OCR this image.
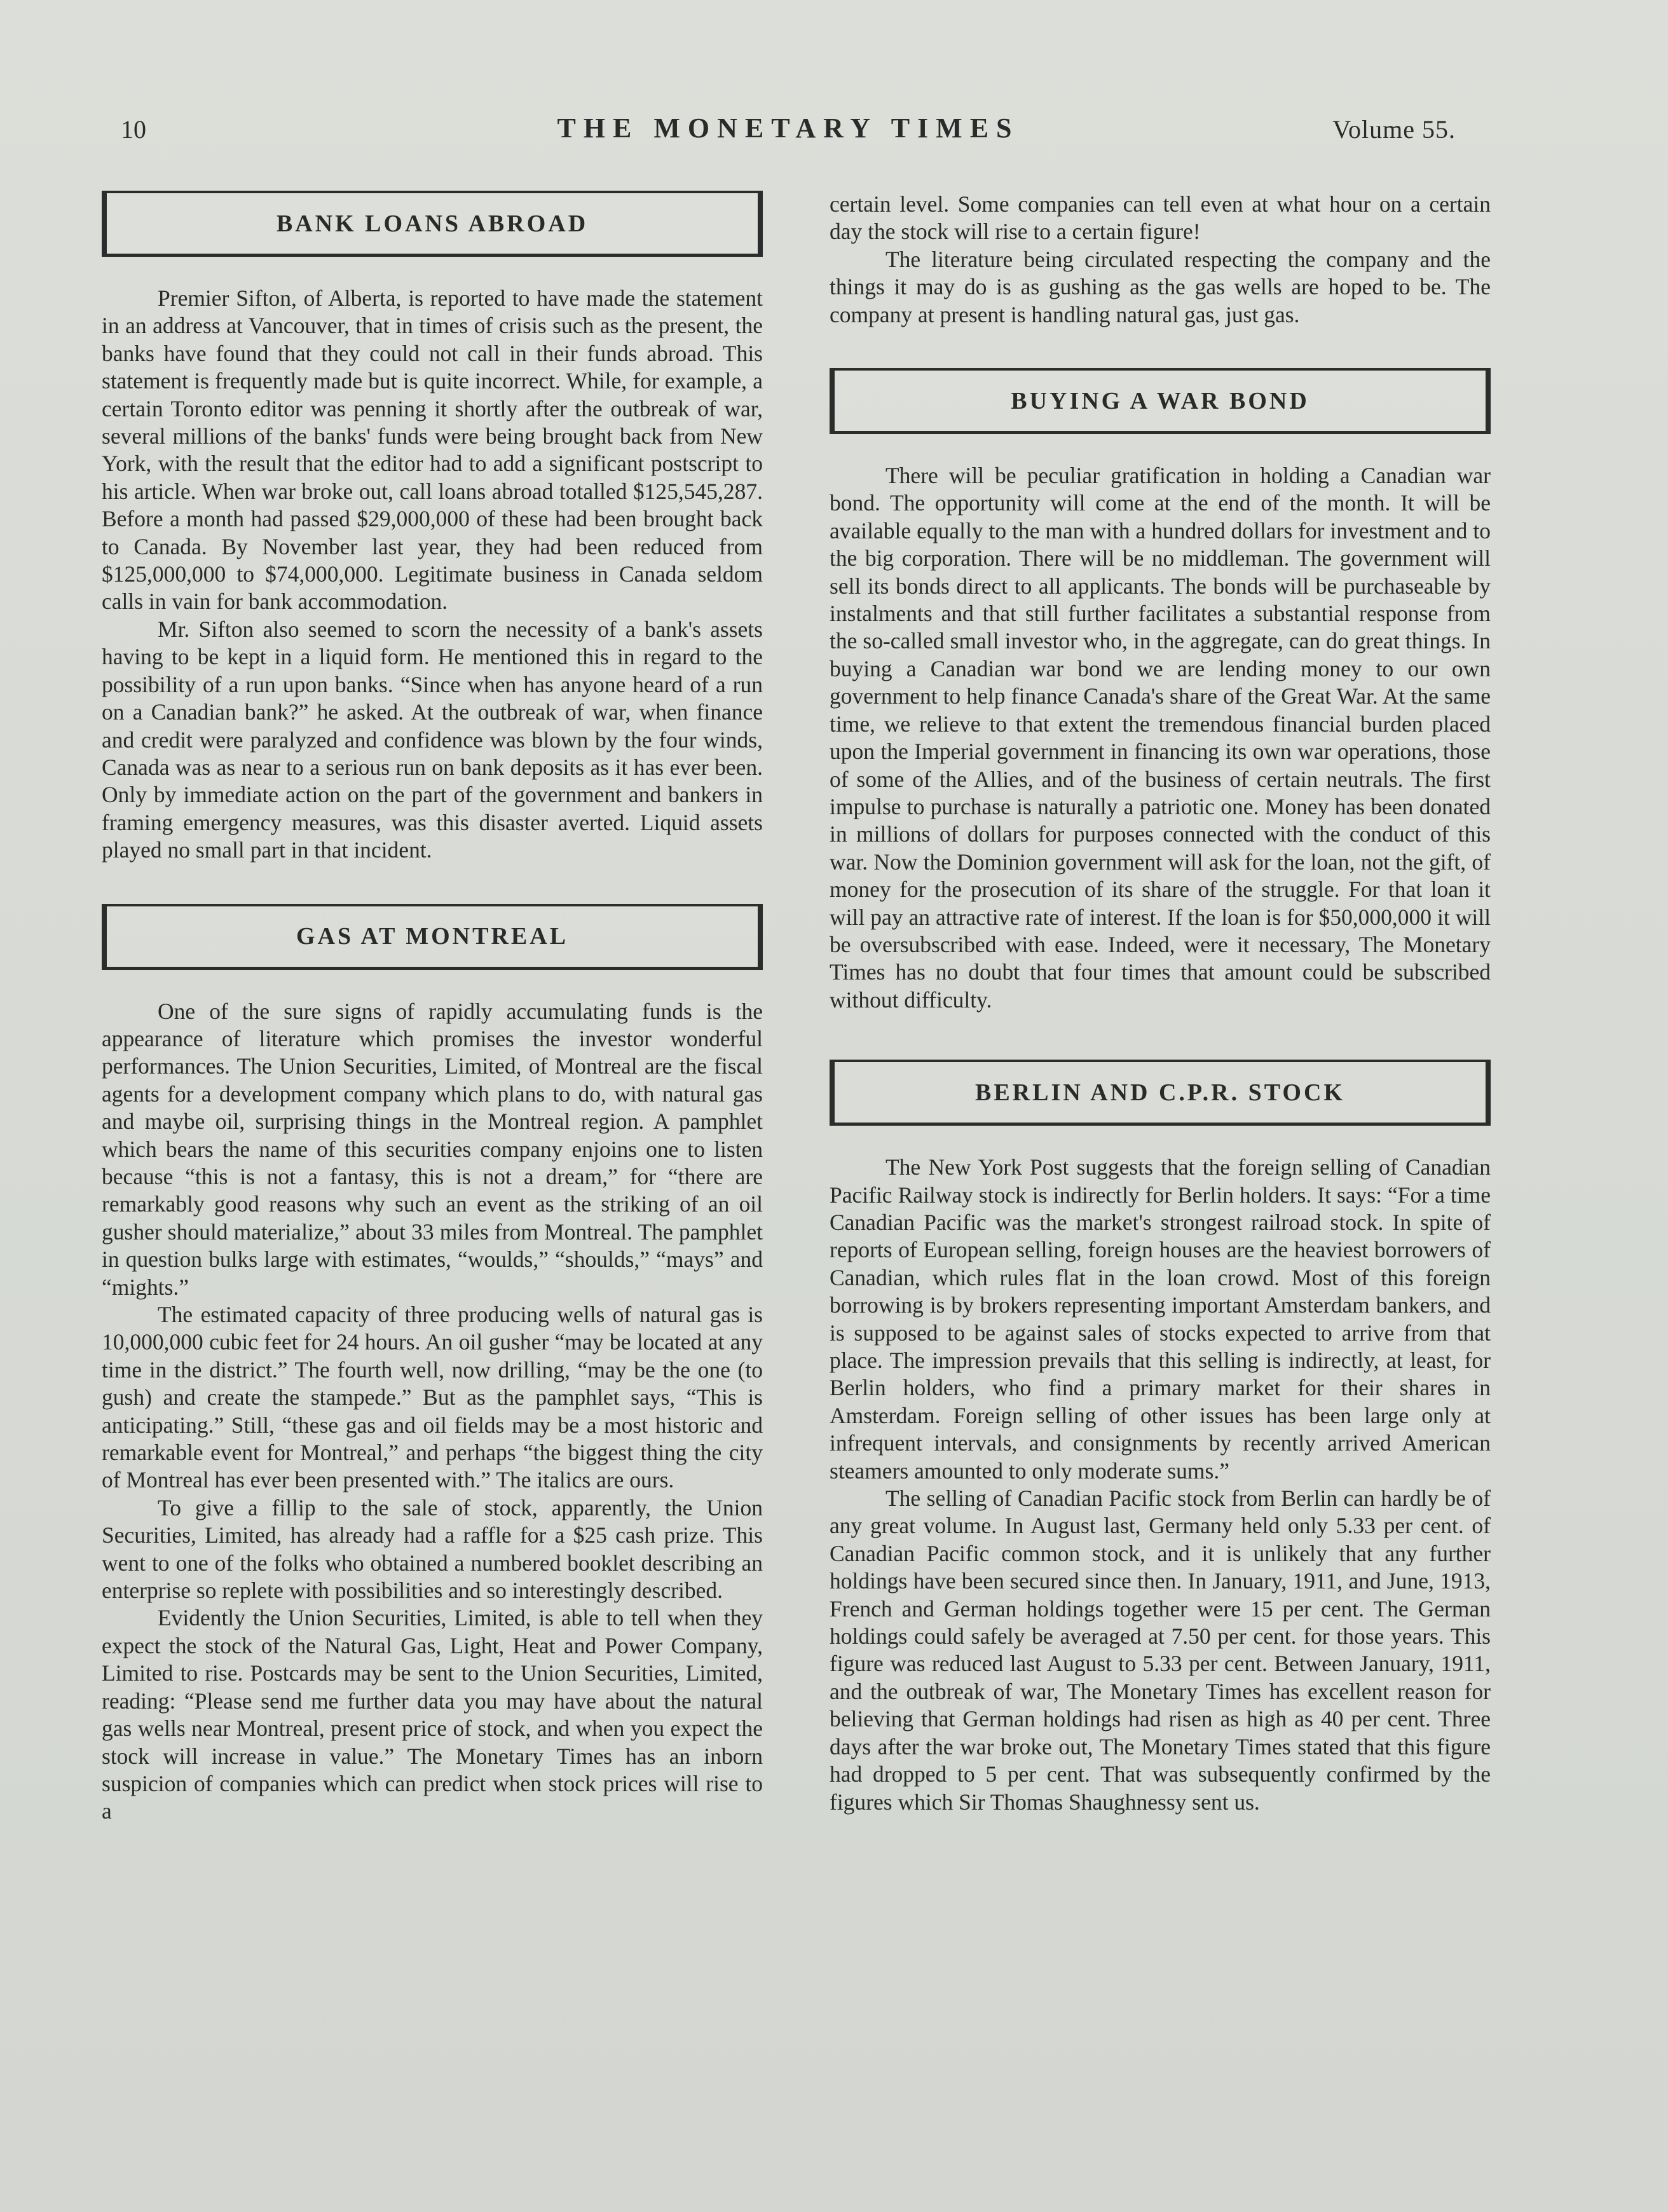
10	THE MONETARY TIMES	Volume 55.
BANK LOANS ABROAD

Premier Sifton, of Alberta, is reported to have made the statement in an address at Vancouver, that in times of crisis such as the present, the banks have found that they could not call in their funds abroad. This statement is frequently made but is quite incorrect. While, for example, a certain Toronto editor was penning it shortly after the outbreak of war, several millions of the banks' funds were being brought back from New York, with the result that the editor had to add a significant postscript to his article. When war broke out, call loans abroad totalled $125,545,287. Before a month had passed $29,000,000 of these had been brought back to Canada. By November last year, they had been reduced from $125,000,000 to $74,000,000. Legitimate business in Canada seldom calls in vain for bank accommodation.

Mr. Sifton also seemed to scorn the necessity of a bank's assets having to be kept in a liquid form. He mentioned this in regard to the possibility of a run upon banks. “Since when has anyone heard of a run on a Canadian bank?” he asked. At the outbreak of war, when finance and credit were paralyzed and confidence was blown by the four winds, Canada was as near to a serious run on bank deposits as it has ever been. Only by immediate action on the part of the government and bankers in framing emergency measures, was this disaster averted. Liquid assets played no small part in that incident.

GAS AT MONTREAL

One of the sure signs of rapidly accumulating funds is the appearance of literature which promises the investor wonderful performances. The Union Securities, Limited, of Montreal are the fiscal agents for a development company which plans to do, with natural gas and maybe oil, surprising things in the Montreal region. A pamphlet which bears the name of this securities company enjoins one to listen because “this is not a fantasy, this is not a dream,” for “there are remarkably good reasons why such an event as the striking of an oil gusher should materialize,” about 33 miles from Montreal. The pamphlet in question bulks large with estimates, “woulds,” “shoulds,” “mays” and “mights.”

The estimated capacity of three producing wells of natural gas is 10,000,000 cubic feet for 24 hours. An oil gusher “may be located at any time in the district.” The fourth well, now drilling, “may be the one (to gush) and create the stampede.” But as the pamphlet says, “This is anticipating.” Still, “these gas and oil fields may be a most historic and remarkable event for Montreal,” and perhaps “the biggest thing the city of Montreal has ever been presented with.” The italics are ours.

To give a fillip to the sale of stock, apparently, the Union Securities, Limited, has already had a raffle for a $25 cash prize. This went to one of the folks who obtained a numbered booklet describing an enterprise so replete with possibilities and so interestingly described.

Evidently the Union Securities, Limited, is able to tell when they expect the stock of the Natural Gas, Light, Heat and Power Company, Limited to rise. Postcards may be sent to the Union Securities, Limited, reading: “Please send me further data you may have about the natural gas wells near Montreal, present price of stock, and when you expect the stock will increase in value.” The Monetary Times has an inborn suspicion of companies which can predict when stock prices will rise to a

certain level. Some companies can tell even at what hour on a certain day the stock will rise to a certain figure!

The literature being circulated respecting the company and the things it may do is as gushing as the gas wells are hoped to be. The company at present is handling natural gas, just gas.

BUYING A WAR BOND

There will be peculiar gratification in holding a Canadian war bond. The opportunity will come at the end of the month. It will be available equally to the man with a hundred dollars for investment and to the big corporation. There will be no middleman. The government will sell its bonds direct to all applicants. The bonds will be purchaseable by instalments and that still further facilitates a substantial response from the so-called small investor who, in the aggregate, can do great things. In buying a Canadian war bond we are lending money to our own government to help finance Canada's share of the Great War. At the same time, we relieve to that extent the tremendous financial burden placed upon the Imperial government in financing its own war operations, those of some of the Allies, and of the business of certain neutrals. The first impulse to purchase is naturally a patriotic one. Money has been donated in millions of dollars for purposes connected with the conduct of this war. Now the Dominion government will ask for the loan, not the gift, of money for the prosecution of its share of the struggle. For that loan it will pay an attractive rate of interest. If the loan is for $50,000,000 it will be oversubscribed with ease. Indeed, were it necessary, The Monetary Times has no doubt that four times that amount could be subscribed without difficulty.

BERLIN AND C.P.R. STOCK

The New York Post suggests that the foreign selling of Canadian Pacific Railway stock is indirectly for Berlin holders. It says: “For a time Canadian Pacific was the market's strongest railroad stock. In spite of reports of European selling, foreign houses are the heaviest borrowers of Canadian, which rules flat in the loan crowd. Most of this foreign borrowing is by brokers representing important Amsterdam bankers, and is supposed to be against sales of stocks expected to arrive from that place. The impression prevails that this selling is indirectly, at least, for Berlin holders, who find a primary market for their shares in Amsterdam. Foreign selling of other issues has been large only at infrequent intervals, and consignments by recently arrived American steamers amounted to only moderate sums.”

The selling of Canadian Pacific stock from Berlin can hardly be of any great volume. In August last, Germany held only 5.33 per cent. of Canadian Pacific common stock, and it is unlikely that any further holdings have been secured since then. In January, 1911, and June, 1913, French and German holdings together were 15 per cent. The German holdings could safely be averaged at 7.50 per cent. for those years. This figure was reduced last August to 5.33 per cent. Between January, 1911, and the outbreak of war, The Monetary Times has excellent reason for believing that German holdings had risen as high as 40 per cent. Three days after the war broke out, The Monetary Times stated that this figure had dropped to 5 per cent. That was subsequently confirmed by the figures which Sir Thomas Shaughnessy sent us.
